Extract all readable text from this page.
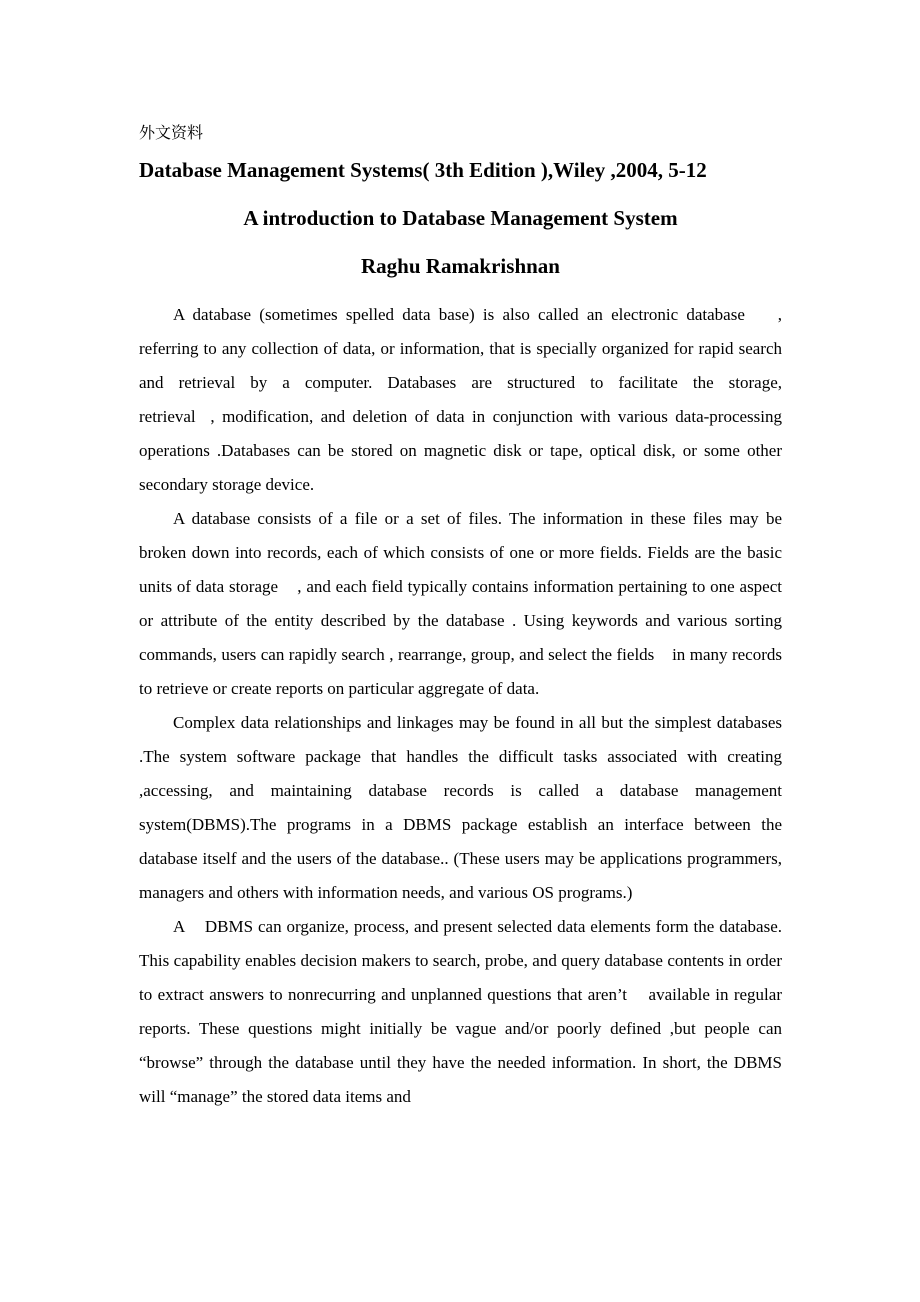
外文资料

Database Management Systems( 3th Edition ),Wiley ,2004, 5-12

A introduction to Database Management System

Raghu Ramakrishnan

A database (sometimes spelled data base) is also called an electronic database    , referring to any collection of data, or information, that is specially organized for rapid search and retrieval by a computer. Databases are structured to facilitate the storage, retrieval  , modification, and deletion of data in conjunction with various data-processing operations .Databases can be stored on magnetic disk or tape, optical disk, or some other secondary storage device.

A database consists of a file or a set of files. The information in these files may be broken down into records, each of which consists of one or more fields. Fields are the basic units of data storage    , and each field typically contains information pertaining to one aspect or attribute of the entity described by the database . Using keywords and various sorting commands, users can rapidly search , rearrange, group, and select the fields    in many records to retrieve or create reports on particular aggregate of data.

Complex data relationships and linkages may be found in all but the simplest databases .The system software package that handles the difficult tasks associated with creating ,accessing, and maintaining database records is called a database management system(DBMS).The programs in a DBMS package establish an interface between the database itself and the users of the database.. (These users may be applications programmers, managers and others with information needs, and various OS programs.)

A    DBMS can organize, process, and present selected data elements form the database. This capability enables decision makers to search, probe, and query database contents in order to extract answers to nonrecurring and unplanned questions that aren’t    available in regular reports. These questions might initially be vague and/or poorly defined ,but people can “browse” through the database until they have the needed information. In short, the DBMS will “manage” the stored data items and
